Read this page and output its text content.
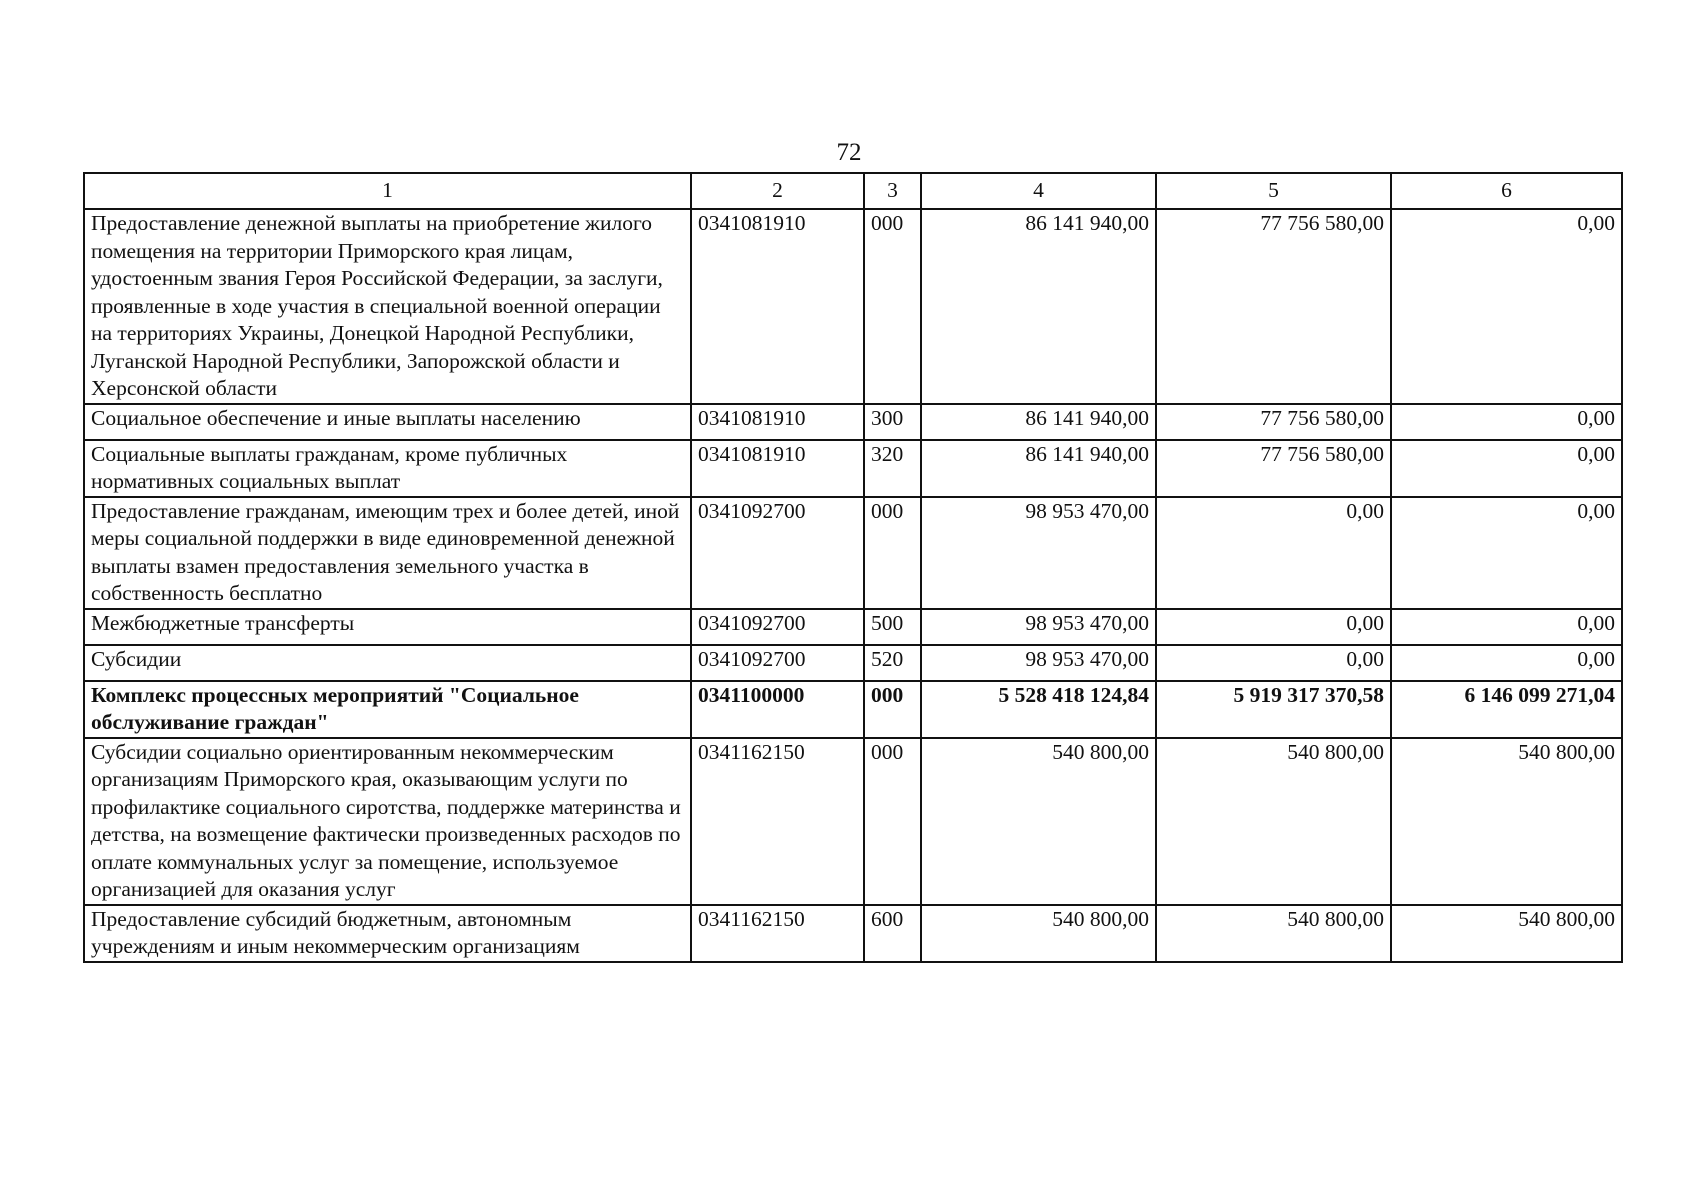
72
1	2	3	4	5	6
Предоставление денежной выплаты на приобретение жилого помещения на территории Приморского края лицам, удостоенным звания Героя Российской Федерации, за заслуги, проявленные в ходе участия в специальной военной операции на территориях Украины, Донецкой Народной Республики, Луганской Народной Республики, Запорожской области и Херсонской области	0341081910	000	86 141 940,00	77 756 580,00	0,00
Социальное обеспечение и иные выплаты населению	0341081910	300	86 141 940,00	77 756 580,00	0,00
Социальные выплаты гражданам, кроме публичных нормативных социальных выплат	0341081910	320	86 141 940,00	77 756 580,00	0,00
Предоставление гражданам, имеющим трех и более детей, иной меры социальной поддержки в виде единовременной денежной выплаты взамен предоставления земельного участка в собственность бесплатно	0341092700	000	98 953 470,00	0,00	0,00
Межбюджетные трансферты	0341092700	500	98 953 470,00	0,00	0,00
Субсидии	0341092700	520	98 953 470,00	0,00	0,00
Комплекс процессных мероприятий "Социальное обслуживание граждан"	0341100000	000	5 528 418 124,84	5 919 317 370,58	6 146 099 271,04
Субсидии социально ориентированным некоммерческим организациям Приморского края, оказывающим услуги по профилактике социального сиротства, поддержке материнства и детства, на возмещение фактически произведенных расходов по оплате коммунальных услуг за помещение, используемое организацией для оказания услуг	0341162150	000	540 800,00	540 800,00	540 800,00
Предоставление субсидий бюджетным, автономным учреждениям и иным некоммерческим организациям	0341162150	600	540 800,00	540 800,00	540 800,00
